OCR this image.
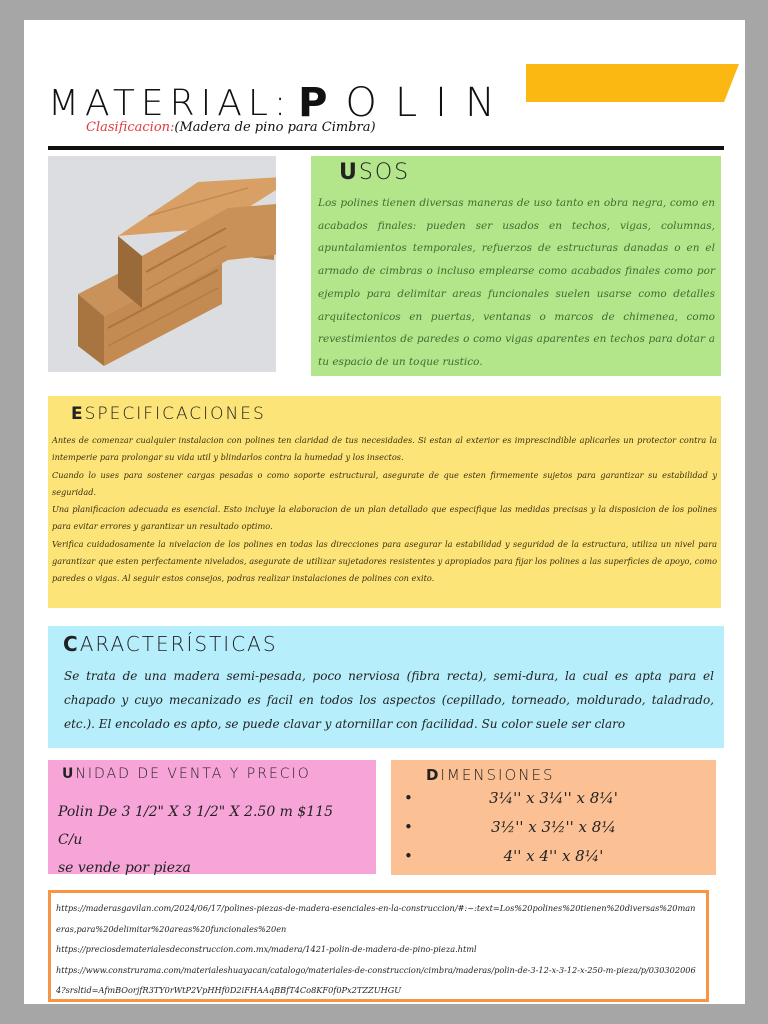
MATERIAL: POLIN
Clasificacion:(Madera de pino para Cimbra)
USOS
Los polines tienen diversas maneras de uso tanto en obra negra, como en acabados finales: pueden ser usados en techos, vigas, columnas, apuntalamientos temporales, refuerzos de estructuras danadas o en el armado de cimbras o incluso emplearse como acabados finales como por ejemplo para delimitar areas funcionales suelen usarse como detalles arquitectonicos en puertas, ventanas o marcos de chimenea, como revestimientos de paredes o como vigas aparentes en techos para dotar a tu espacio de un toque rustico.
ESPECIFICACIONES

Antes de comenzar cualquier instalacion con polines ten claridad de tus necesidades. Si estan al exterior es imprescindible aplicarles un protector contra la intemperie para prolongar su vida util y blindarlos contra la humedad y los insectos.

Cuando lo uses para sostener cargas pesadas o como soporte estructural, asegurate de que esten firmemente sujetos para garantizar su estabilidad y seguridad.

Una planificacion adecuada es esencial. Esto incluye la elaboracion de un plan detallado que especifique las medidas precisas y la disposicion de los polines para evitar errores y garantizar un resultado optimo.

Verifica cuidadosamente la nivelacion de los polines en todas las direcciones para asegurar la estabilidad y seguridad de la estructura, utiliza un nivel para garantizar que esten perfectamente nivelados, asegurate de utilizar sujetadores resistentes y apropiados para fijar los polines a las superficies de apoyo, como paredes o vigas. Al seguir estos consejos, podras realizar instalaciones de polines con exito.

CARACTERÍSTICAS
Se trata de una madera semi-pesada, poco nerviosa (fibra recta), semi-dura, la cual es apta para el chapado y cuyo mecanizado es facil en todos los aspectos (cepillado, torneado, moldurado, taladrado, etc.). El encolado es apto, se puede clavar y atornillar con facilidad. Su color suele ser claro
UNIDAD DE VENTA Y PRECIO
Polin De 3 1/2" X 3 1/2" X 2.50 m $115 C/u
se vende por pieza
DIMENSIONES
•	3¼'' x 3¼'' x 8¼'
•	3½'' x 3½'' x 8¼
•	4'' x 4'' x 8¼'

https://maderasgavilan.com/2024/06/17/polines-piezas-de-madera-esenciales-en-la-construccion/#:~:text=Los%20polines%20tienen%20diversas%20maneras,para%20delimitar%20areas%20funcionales%20en

https://preciosdematerialesdeconstruccion.com.mx/madera/1421-polin-de-madera-de-pino-pieza.html

https://www.construrama.com/materialeshuayacan/catalogo/materiales-de-construccion/cimbra/maderas/polin-de-3-12-x-3-12-x-250-m-pieza/p/0303020064?srsltid=AfmBOorjfR3TY0rWtP2VpHHf0D2iFHAAqBBfT4Co8KF0f0Px2TZZUHGU
